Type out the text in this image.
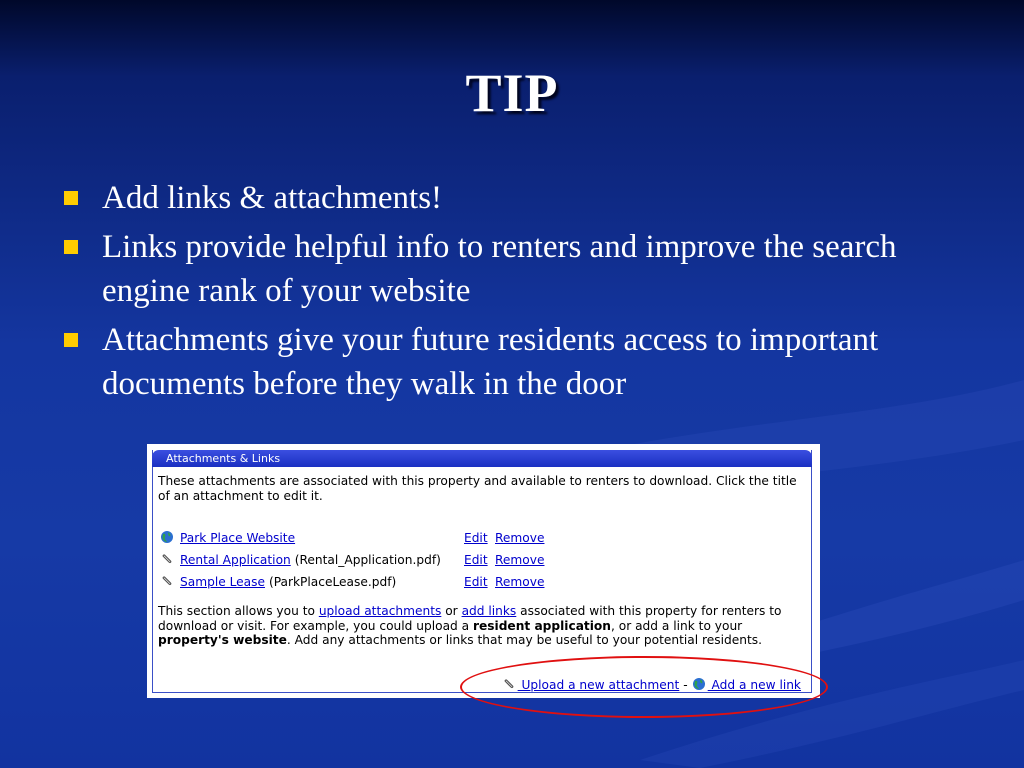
TIP
Add links & attachments!
Links provide helpful info to renters and improve the search engine rank of your website
Attachments give your future residents access to important documents before they walk in the door
Attachments & Links

These attachments are associated with this property and available to renters to download. Click the title of an attachment to edit it.

Park Place Website	Edit Remove
Rental Application (Rental_Application.pdf) Edit Remove
Sample Lease (ParkPlaceLease.pdf)	Edit Remove

This section allows you to upload attachments or add links associated with this property for renters to download or visit. For example, you could upload a resident application, or add a link to your property's website. Add any attachments or links that may be useful to your potential residents.

Upload a new attachment - Add a new link
